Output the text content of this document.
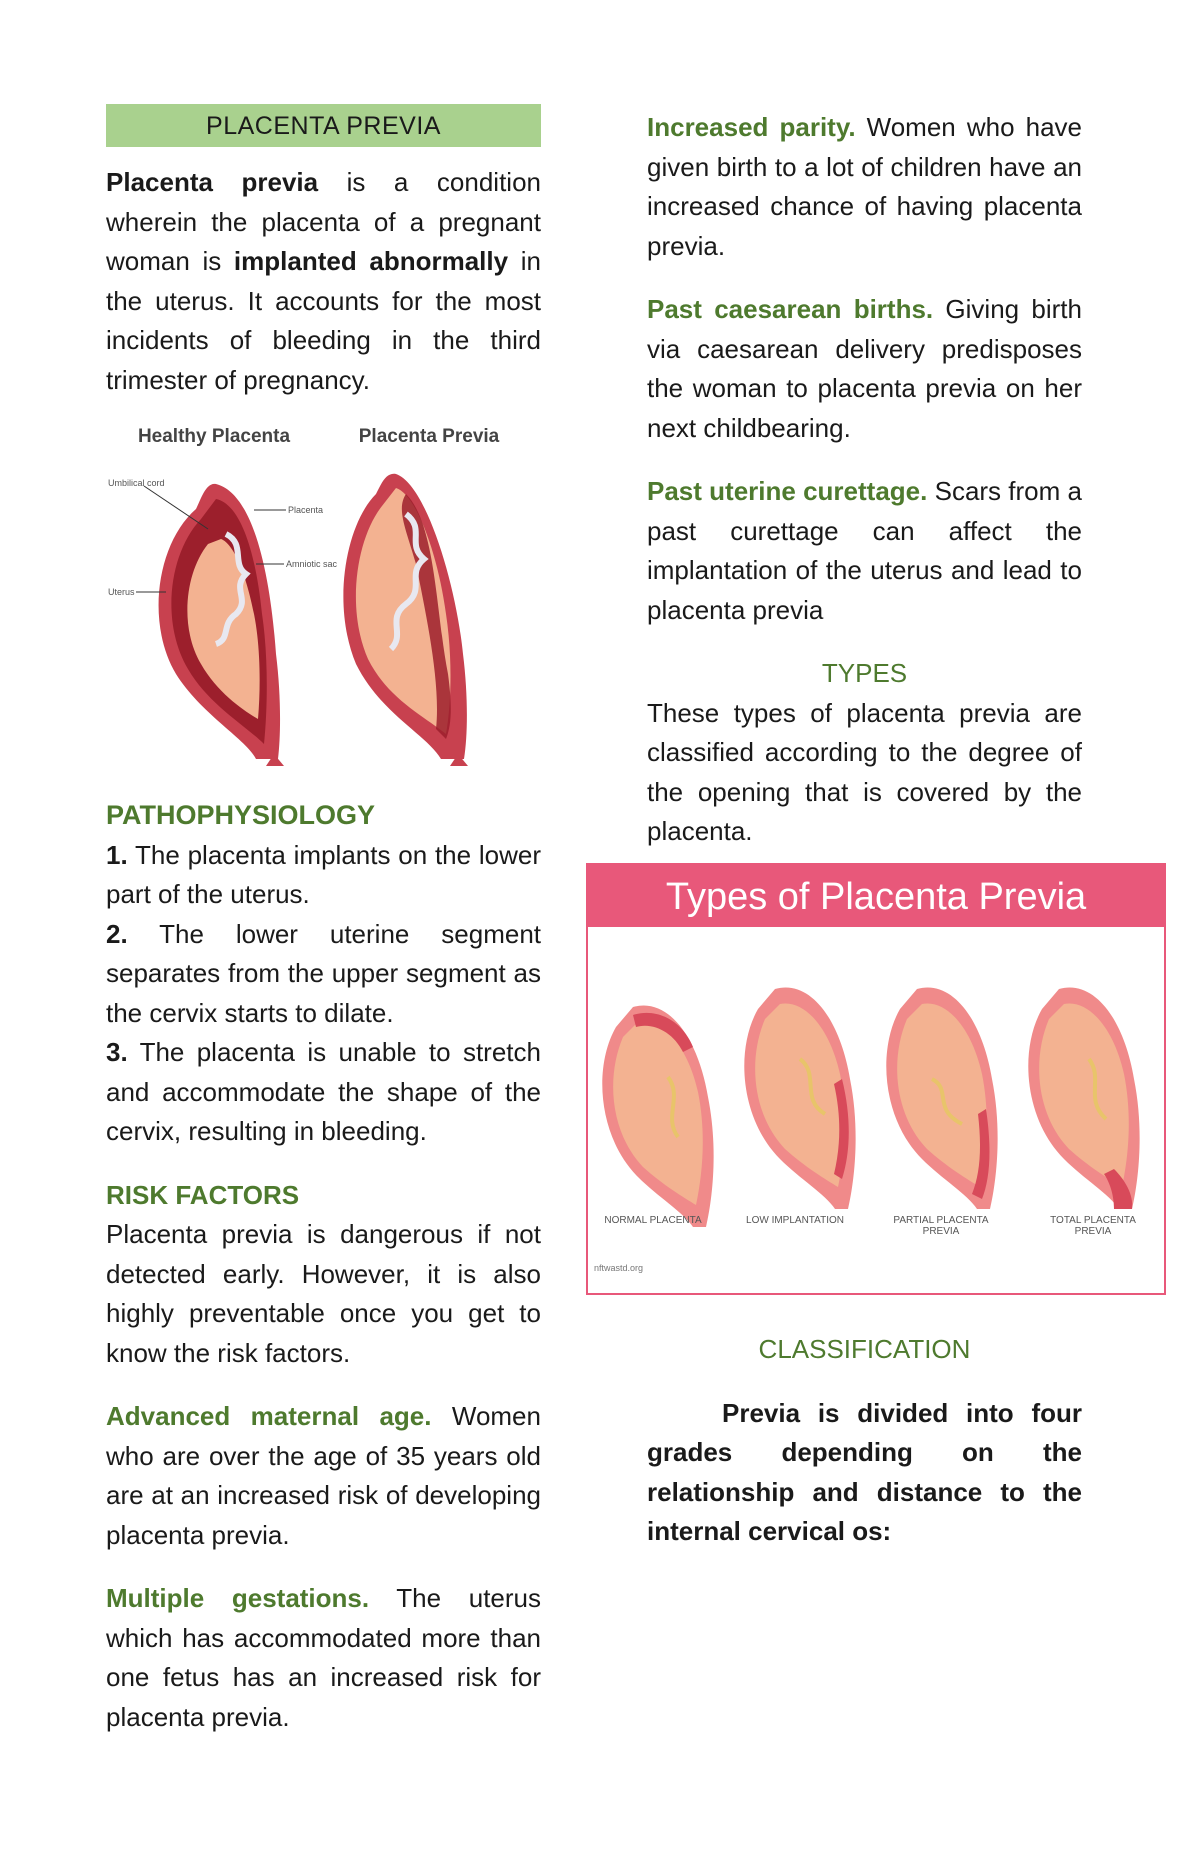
PLACENTA PREVIA

Placenta previa is a condition wherein the placenta of a pregnant woman is implanted abnormally in the uterus. It accounts for the most incidents of bleeding in the third trimester of pregnancy.

Healthy Placenta	Placenta Previa
Umbilical cord
Placenta
Amniotic sac
Uterus

PATHOPHYSIOLOGY

1. The placenta implants on the lower part of the uterus.

2. The lower uterine segment separates from the upper segment as the cervix starts to dilate.

3. The placenta is unable to stretch and accommodate the shape of the cervix, resulting in bleeding.

RISK FACTORS

Placenta previa is dangerous if not detected early. However, it is also highly preventable once you get to know the risk factors.

Advanced maternal age. Women who are over the age of 35 years old are at an increased risk of developing placenta previa.

Multiple gestations. The uterus which has accommodated more than one fetus has an increased risk for placenta previa.

Increased parity. Women who have given birth to a lot of children have an increased chance of having placenta previa.

Past caesarean births. Giving birth via caesarean delivery predisposes the woman to placenta previa on her next childbearing.

Past uterine curettage. Scars from a past curettage can affect the implantation of the uterus and lead to placenta previa

TYPES

These types of placenta previa are classified according to the degree of the opening that is covered by the placenta.

Types of Placenta Previa
NORMAL PLACENTA	LOW IMPLANTATION	PARTIAL PLACENTA PREVIA
TOTAL PLACENTA PREVIA
nftwastd.org

CLASSIFICATION

Previa is divided into four grades depending on the relationship and distance to the internal cervical os:
